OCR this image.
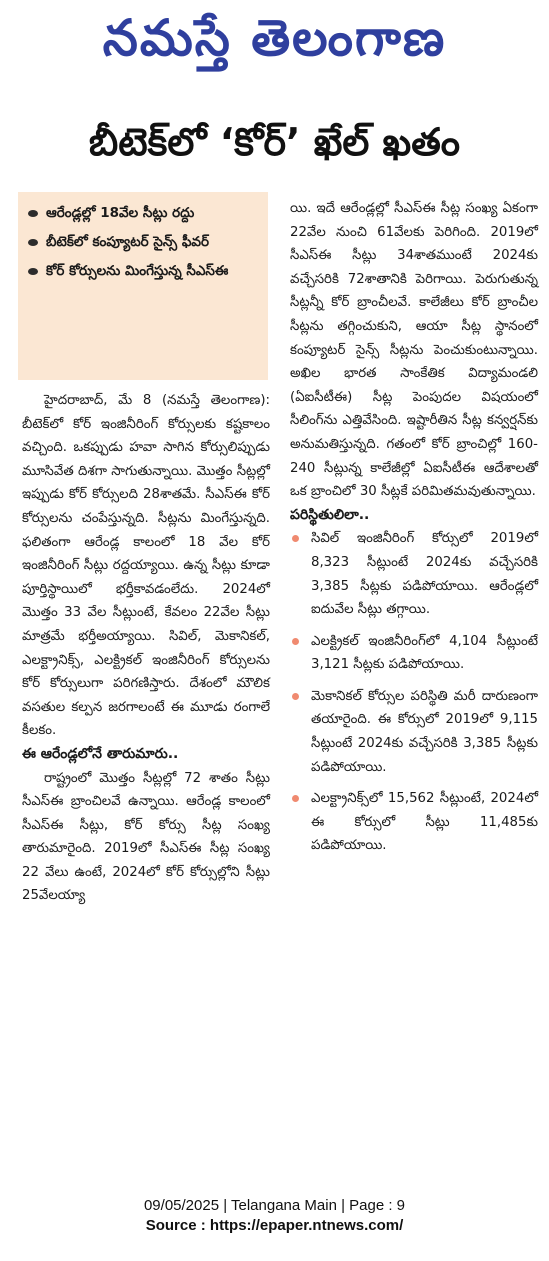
నమస్తే తెలంగాణ
బీటెక్‌లో ‘కోర్’ ఖేల్ ఖతం
ఆరేండ్లల్లో 18వేల సీట్లు రద్దు
బీటెక్‌లో కంప్యూటర్ సైన్స్ ఫీవర్
కోర్ కోర్సులను మింగేస్తున్న సీఎస్ఈ

హైదరాబాద్, మే 8 (నమస్తే తెలంగాణ): బీటెక్‌లో కోర్ ఇంజినీరింగ్ కోర్సులకు కష్టకాలం వచ్చింది. ఒకప్పుడు హవా సాగిన కోర్సులిప్పుడు మూసివేత దిశగా సాగుతున్నాయి. మొత్తం సీట్లల్లో ఇప్పుడు కోర్ కోర్సులది 28శాతమే. సీఎస్ఈ కోర్ కోర్సులను చంపేస్తున్నది. సీట్లను మింగేస్తున్నది. ఫలితంగా ఆరేండ్ల కాలంలో 18 వేల కోర్ ఇంజినీరింగ్ సీట్లు రద్దయ్యాయి. ఉన్న సీట్లు కూడా పూర్తిస్థాయిలో భర్తీకావడంలేదు. 2024లో మొత్తం 33 వేల సీట్లుంటే, కేవలం 22వేల సీట్లు మాత్రమే భర్తీఅయ్యాయి. సివిల్, మెకానికల్, ఎలక్ట్రానిక్స్, ఎలక్ట్రికల్ ఇంజినీరింగ్ కోర్సులను కోర్ కోర్సులుగా పరిగణిస్తారు. దేశంలో మౌలిక వసతుల కల్పన జరగాలంటే ఈ మూడు రంగాలే కీలకం.

ఈ ఆరేండ్లలోనే తారుమారు..

రాష్ట్రంలో మొత్తం సీట్లల్లో 72 శాతం సీట్లు సీఎస్ఈ బ్రాంచిలవే ఉన్నాయి. ఆరేండ్ల కాలంలో సీఎస్ఈ సీట్లు, కోర్ కోర్సు సీట్ల సంఖ్య తారుమారైంది. 2019లో సీఎస్ఈ సీట్ల సంఖ్య 22 వేలు ఉంటే, 2024లో కోర్ కోర్సుల్లోని సీట్లు 25వేలయ్యా

యి. ఇదే ఆరేండ్లల్లో సీఎస్ఈ సీట్ల సంఖ్య ఏకంగా 22వేల నుంచి 61వేలకు పెరిగింది. 2019లో సీఎస్ఈ సీట్లు 34శాతముంటే 2024కు వచ్చేసరికి 72శాతానికి పెరిగాయి. పెరుగుతున్న సీట్లన్నీ కోర్ బ్రాంచీలవే. కాలేజీలు కోర్ బ్రాంచీల సీట్లను తగ్గించుకుని, ఆయా సీట్ల స్థానంలో కంప్యూటర్ సైన్స్ సీట్లను పెంచుకుంటున్నాయి. అఖిల భారత సాంకేతిక విద్యామండలి (ఏఐసీటీఈ) సీట్ల పెంపుదల విషయంలో సీలింగ్‌ను ఎత్తివేసింది. ఇష్టారీతిన సీట్ల కన్వర్షన్‌కు అనుమతిస్తున్నది. గతంలో కోర్ బ్రాంచిల్లో 160-240 సీట్లున్న కాలేజీల్లో ఏఐసీటీఈ ఆదేశాలతో ఒక బ్రాంచిలో 30 సీట్లకే పరిమితమవుతున్నాయి.

పరిస్థితులిలా..

సివిల్ ఇంజినీరింగ్ కోర్సులో 2019లో 8,323 సీట్లుంటే 2024కు వచ్చేసరికి 3,385 సీట్లకు పడిపోయాయి. ఆరేండ్లలో ఐదువేల సీట్లు తగ్గాయి.

ఎలక్ట్రికల్ ఇంజినీరింగ్‌లో 4,104 సీట్లుంటే 3,121 సీట్లకు పడిపోయాయి.

మెకానికల్ కోర్సుల పరిస్థితి మరీ దారుణంగా తయారైంది. ఈ కోర్సులో 2019లో 9,115 సీట్లుంటే 2024కు వచ్చేసరికి 3,385 సీట్లకు పడిపోయాయి.

ఎలక్ట్రానిక్స్‌లో 15,562 సీట్లుంటే, 2024లో ఈ కోర్సులో సీట్లు 11,485కు పడిపోయాయి.

09/05/2025 | Telangana Main | Page : 9
Source : https://epaper.ntnews.com/
